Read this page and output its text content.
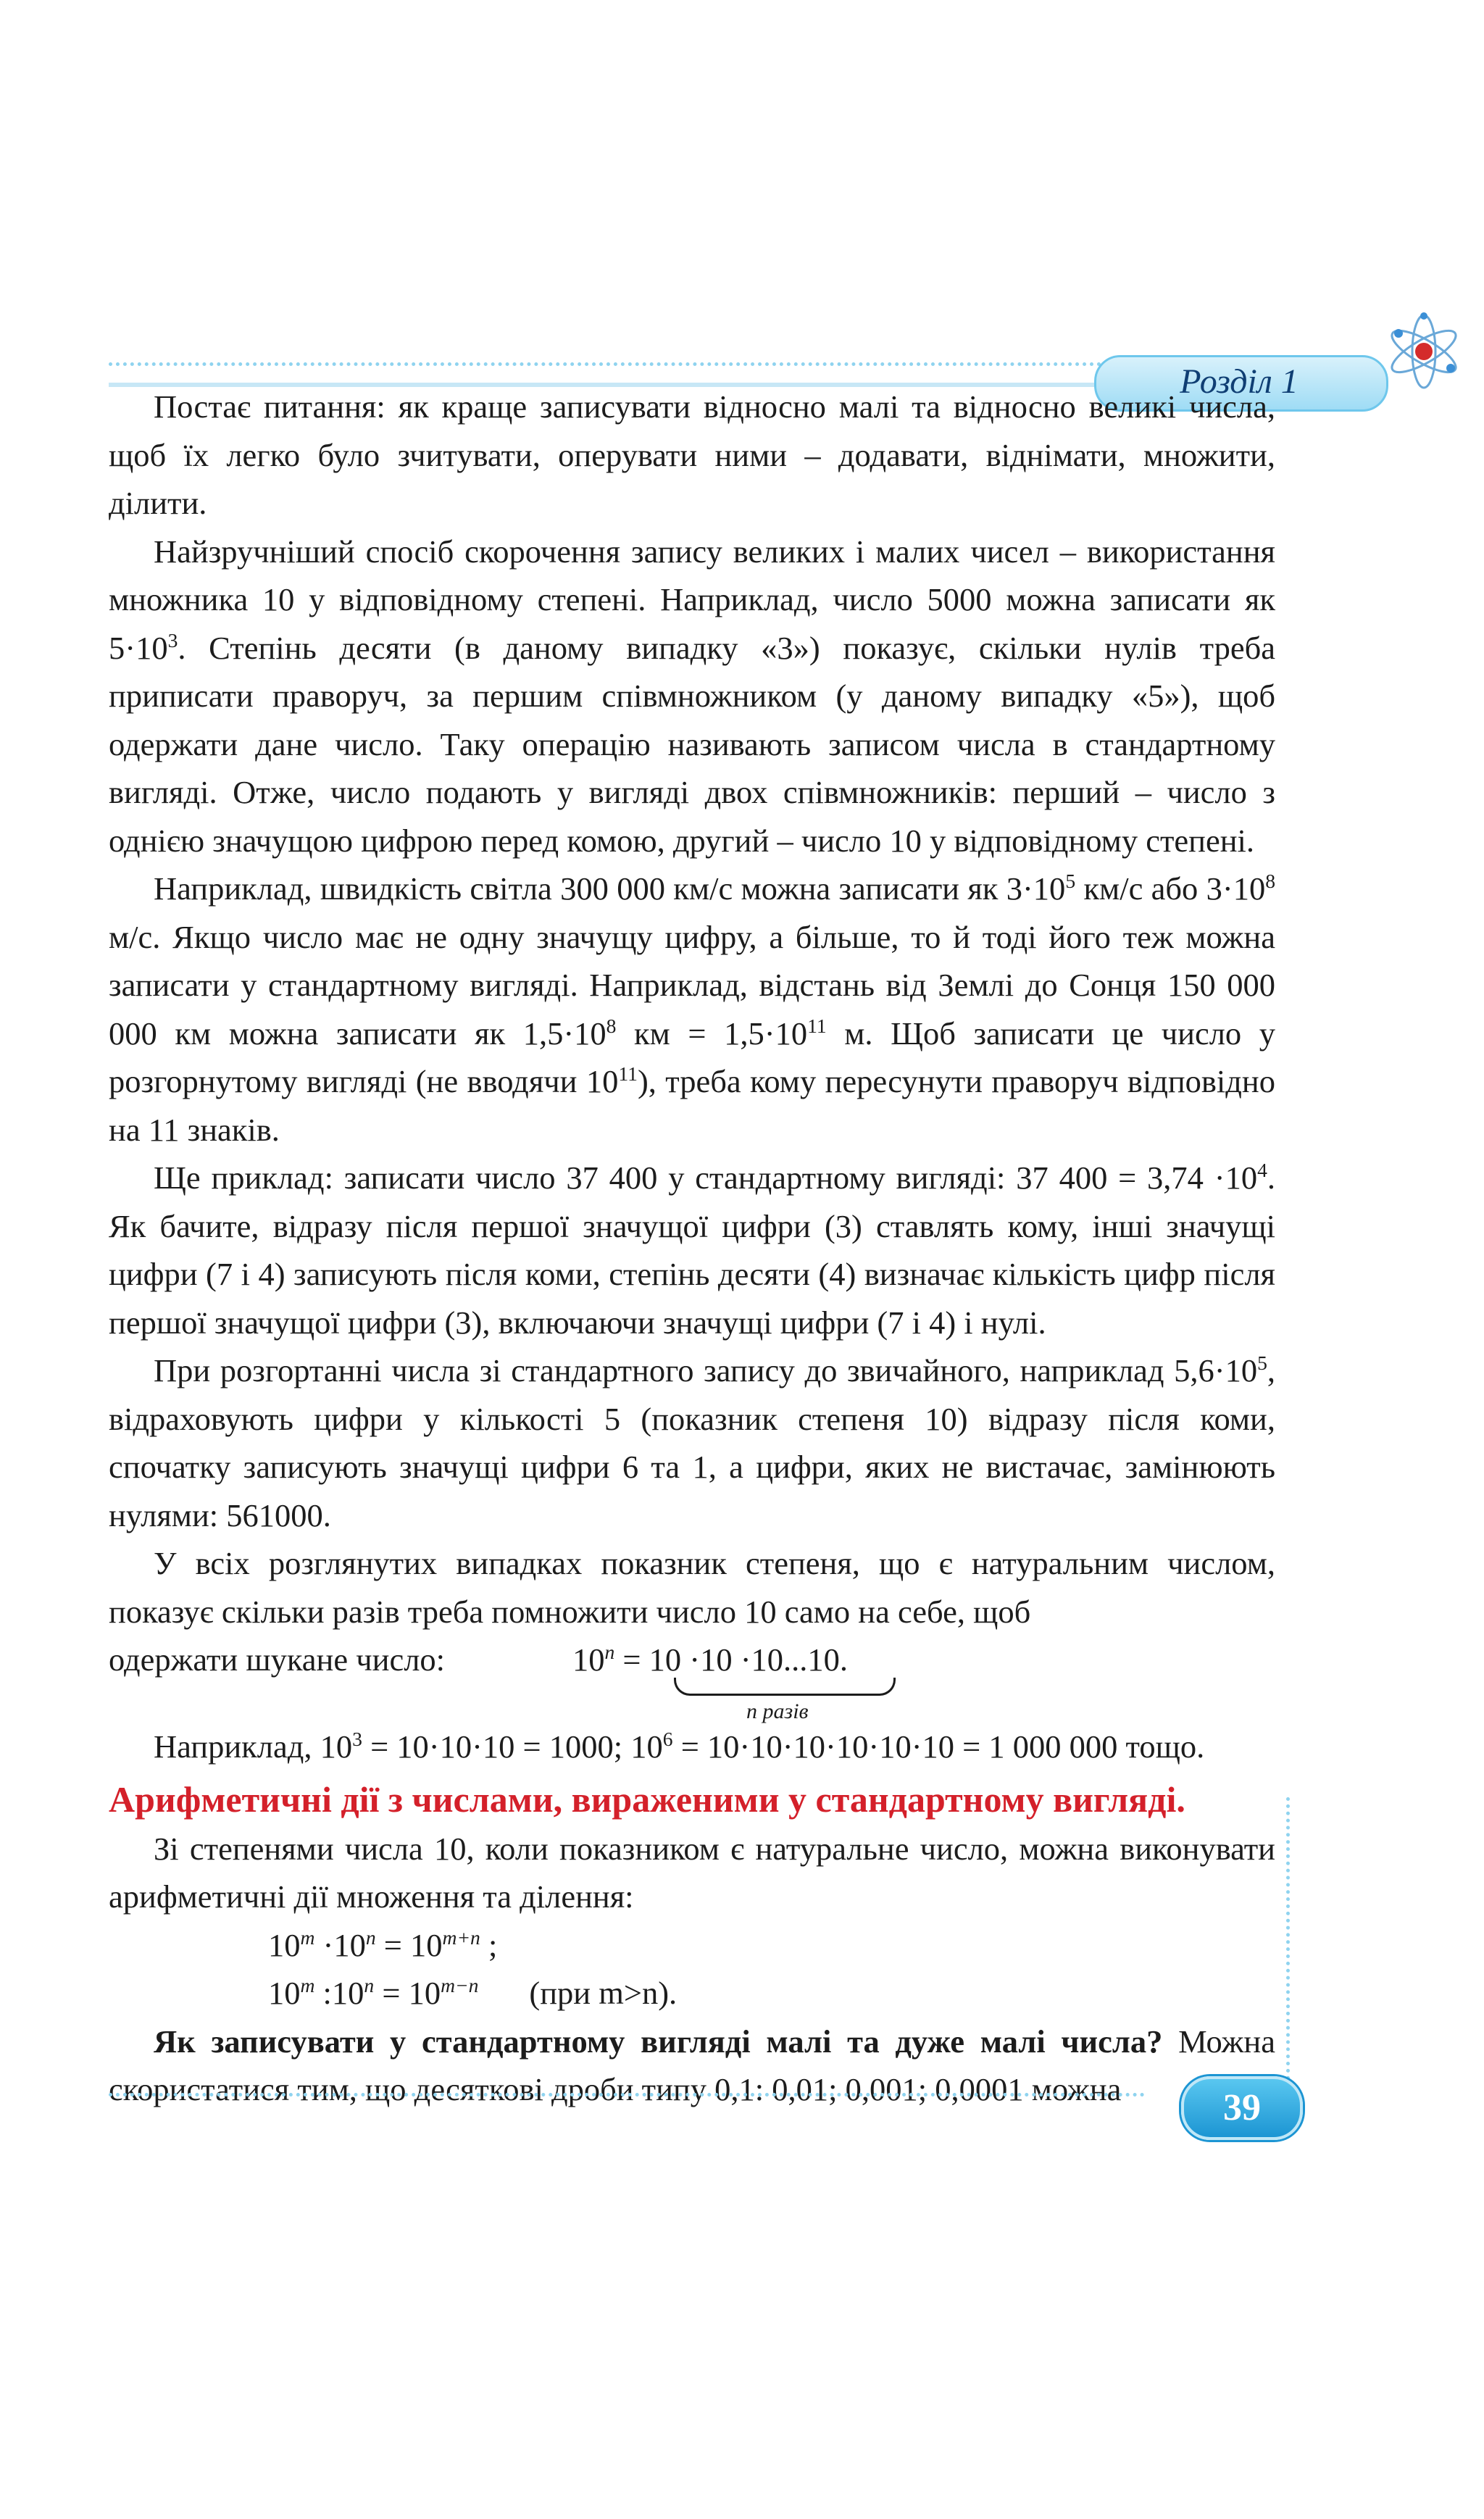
Розділ 1

Постає питання: як краще записувати відносно малі та відносно великі числа, щоб їх легко було зчитувати, оперувати ними – додавати, віднімати, множити, ділити.

Найзручніший спосіб скорочення запису великих і малих чисел – використання множника 10 у відповідному степені. Наприклад, число 5000 можна записати як $5\cdot 10^3$. Степінь десяти (в даному випадку «3») показує, скільки нулів треба приписати праворуч, за першим співмножником (у даному випадку «5»), щоб одержати дане число. Таку операцію називають записом числа в стандартному вигляді. Отже, число подають у вигляді двох співмножників: перший – число з однією значущою цифрою перед комою, другий – число 10 у відповідному степені.

Наприклад, швидкість світла 300 000 км/с можна записати як $3\cdot 10^5$ км/с або $3\cdot 10^8$ м/с. Якщо число має не одну значущу цифру, а більше, то й тоді його теж можна записати у стандартному вигляді. Наприклад, відстань від Землі до Сонця 150 000 000 км можна записати як $1,5\cdot 10^8$ км = $1,5\cdot 10^{11}$ м. Щоб записати це число у розгорнутому вигляді (не вводячи $10^{11}$), треба кому пересунути праворуч відповідно на 11 знаків.

Ще приклад: записати число 37 400 у стандартному вигляді: 37 $400 = 3,74 \cdot 10^4$. Як бачите, відразу після першої значущої цифри (3) ставлять кому, інші значущі цифри (7 і 4) записують після коми, степінь десяти (4) визначає кількість цифр після першої значущої цифри (3), включаючи значущі цифри (7 і 4) і нулі.

При розгортанні числа зі стандартного запису до звичайного, наприклад $5,6\cdot 10^5$, відраховують цифри у кількості 5 (показник степеня 10) відразу після коми, спочатку записують значущі цифри 6 та 1, а цифри, яких не вистачає, замінюють нулями: 561000.

У всіх розглянутих випадках показник степеня, що є натуральним числом, показує скільки разів треба помножити число 10 само на себе, щоб

одержати шукане число:	$10^n = 10 \cdot 10 \cdot 10...10$.
n разів

Наприклад, $10^3 = 10\cdot 10\cdot 10 = 1000$; $10^6 = 10\cdot 10\cdot 10\cdot 10\cdot 10\cdot 10 = 1$ 000 000 тощо.

Арифметичні дії з числами, вираженими у стандартному вигляді.

Зі степенями числа 10, коли показником є натуральне число, можна виконувати арифметичні дії множення та ділення:

$10^m \cdot 10^n = 10^{m+n}$ ;
10$^m$ $:10^n = 10^{m-n}$ (при m>n).

Як записувати у стандартному вигляді малі та дуже малі числа? Можна скористатися тим, що десяткові дроби типу 0,1: 0,01; 0,001; 0,0001 можна	39
